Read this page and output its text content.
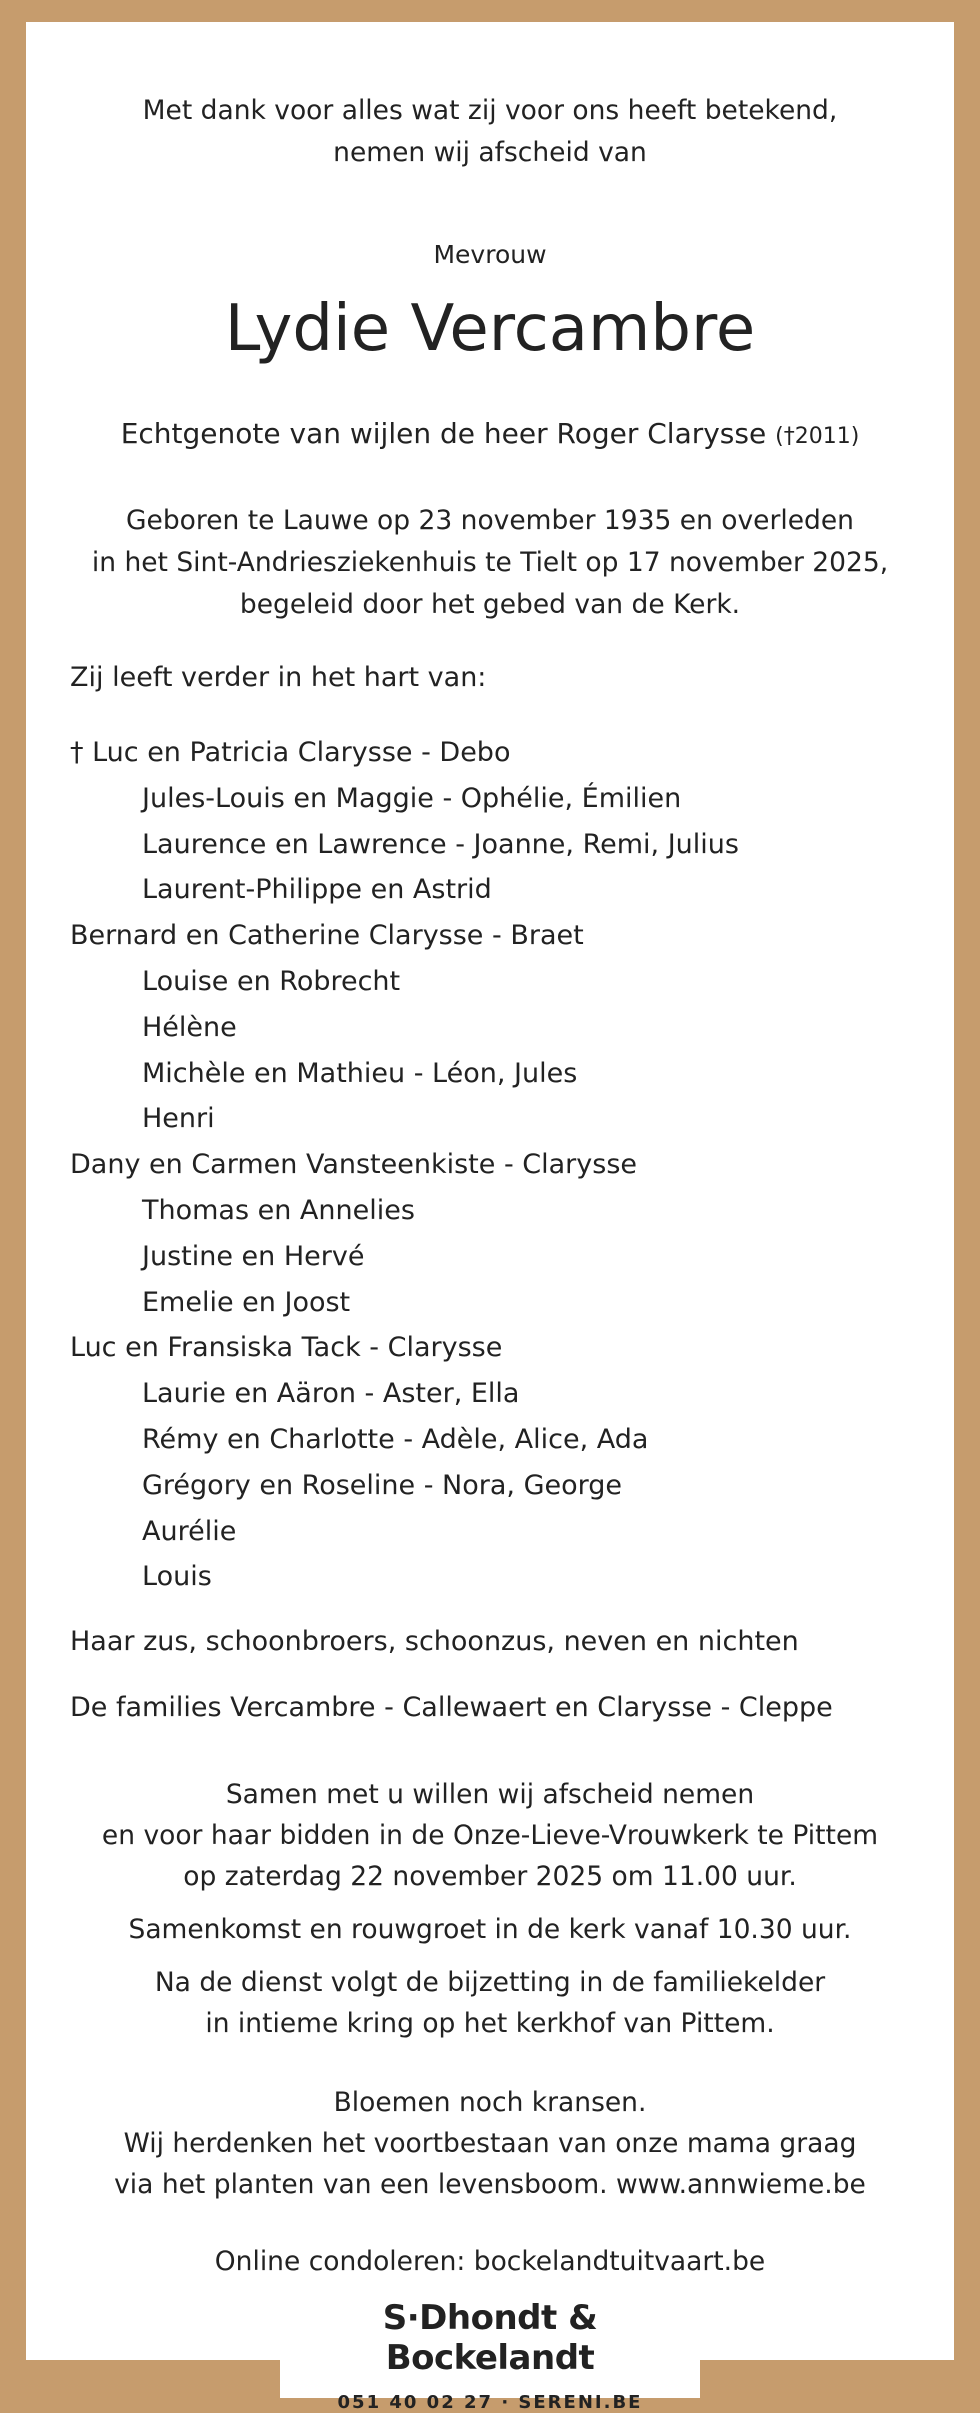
Met dank voor alles wat zij voor ons heeft betekend,
nemen wij afscheid van
Mevrouw
Lydie Vercambre
Echtgenote van wijlen de heer Roger Clarysse (†2011)
Geboren te Lauwe op 23 november 1935 en overleden
in het Sint-Andriesziekenhuis te Tielt op 17 november 2025,
begeleid door het gebed van de Kerk.
Zij leeft verder in het hart van:
† Luc en Patricia Clarysse - Debo
Jules-Louis en Maggie - Ophélie, Émilien
Laurence en Lawrence - Joanne, Remi, Julius
Laurent-Philippe en Astrid
Bernard en Catherine Clarysse - Braet
Louise en Robrecht
Hélène
Michèle en Mathieu - Léon, Jules
Henri
Dany en Carmen Vansteenkiste - Clarysse
Thomas en Annelies
Justine en Hervé
Emelie en Joost
Luc en Fransiska Tack - Clarysse
Laurie en Aäron - Aster, Ella
Rémy en Charlotte - Adèle, Alice, Ada
Grégory en Roseline - Nora, George
Aurélie
Louis
Haar zus, schoonbroers, schoonzus, neven en nichten
De families Vercambre - Callewaert en Clarysse - Cleppe

Samen met u willen wij afscheid nemen
en voor haar bidden in de Onze-Lieve-Vrouwkerk te Pittem
op zaterdag 22 november 2025 om 11.00 uur.

Samenkomst en rouwgroet in de kerk vanaf 10.30 uur.

Na de dienst volgt de bijzetting in de familiekelder
in intieme kring op het kerkhof van Pittem.

Bloemen noch kransen.
Wij herdenken het voortbestaan van onze mama graag
via het planten van een levensboom. www.annwieme.be
Online condoleren: bockelandtuitvaart.be
S·Dhondt & Bockelandt
051 40 02 27 · SERENI.BE
